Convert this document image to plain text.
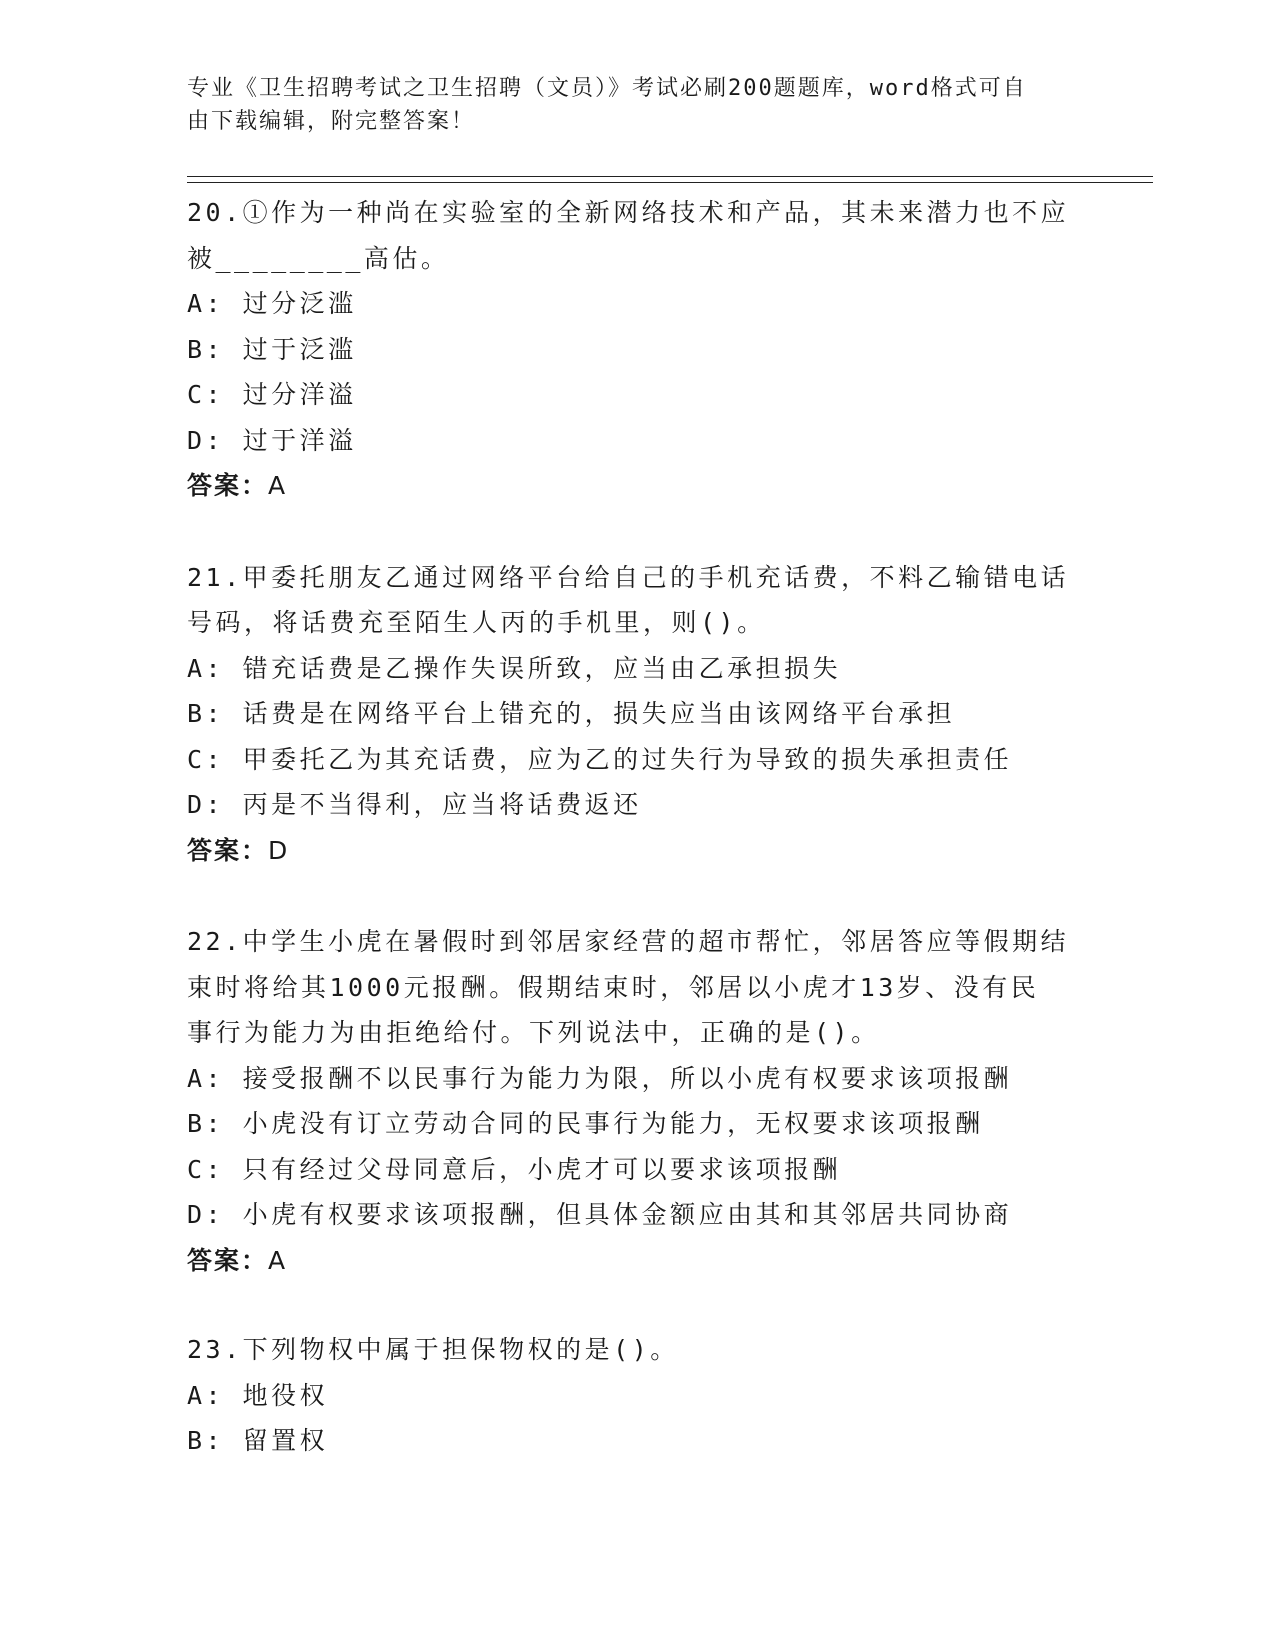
专业《卫生招聘考试之卫生招聘（文员）》考试必刷200题题库，word格式可自
由下载编辑，附完整答案！
20.①作为一种尚在实验室的全新网络技术和产品，其未来潜力也不应
被________高估。
A: 过分泛滥
B: 过于泛滥
C: 过分洋溢
D: 过于洋溢
答案：A
21.甲委托朋友乙通过网络平台给自己的手机充话费，不料乙输错电话
号码，将话费充至陌生人丙的手机里，则()。
A: 错充话费是乙操作失误所致，应当由乙承担损失
B: 话费是在网络平台上错充的，损失应当由该网络平台承担
C: 甲委托乙为其充话费，应为乙的过失行为导致的损失承担责任
D: 丙是不当得利，应当将话费返还
答案：D
22.中学生小虎在暑假时到邻居家经营的超市帮忙，邻居答应等假期结
束时将给其1000元报酬。假期结束时，邻居以小虎才13岁、没有民
事行为能力为由拒绝给付。下列说法中，正确的是()。
A: 接受报酬不以民事行为能力为限，所以小虎有权要求该项报酬
B: 小虎没有订立劳动合同的民事行为能力，无权要求该项报酬
C: 只有经过父母同意后，小虎才可以要求该项报酬
D: 小虎有权要求该项报酬，但具体金额应由其和其邻居共同协商
答案：A
23.下列物权中属于担保物权的是()。
A: 地役权
B: 留置权
